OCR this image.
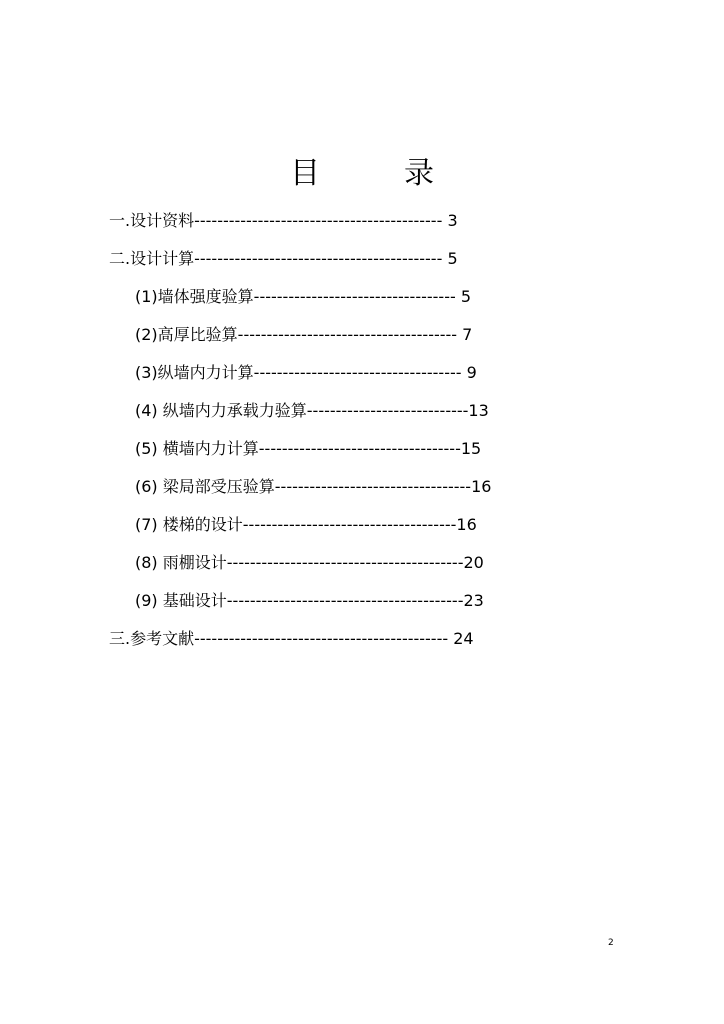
目	录
一.设计资料------------------------------------------- 3
二.设计计算------------------------------------------- 5
(1)墙体强度验算----------------------------------- 5
(2)高厚比验算-------------------------------------- 7
(3)纵墙内力计算------------------------------------ 9
(4) 纵墙内力承载力验算----------------------------13
(5) 横墙内力计算-----------------------------------15
(6) 梁局部受压验算----------------------------------16
(7) 楼梯的设计-------------------------------------16
(8) 雨棚设计-----------------------------------------20
(9) 基础设计-----------------------------------------23
三.参考文献-------------------------------------------- 24
2
